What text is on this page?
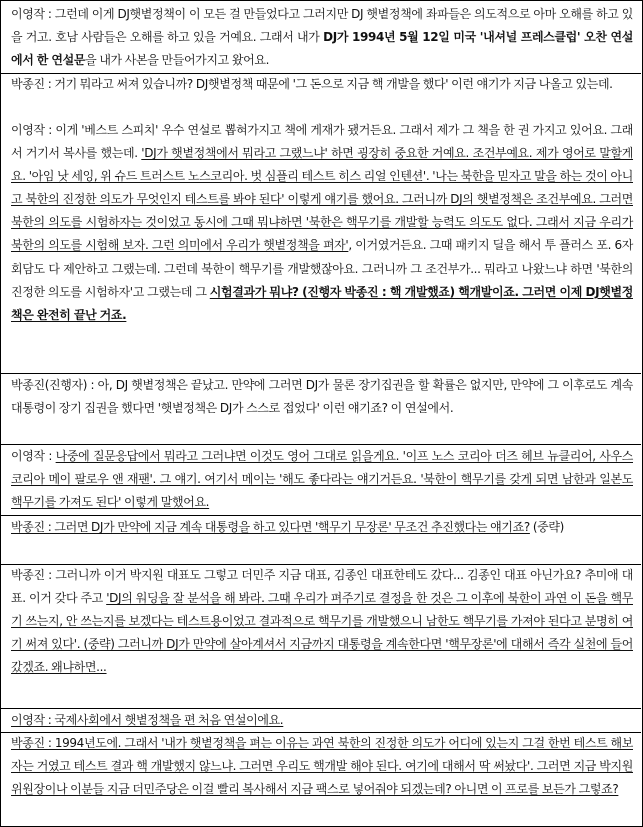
이영작 : 그런데 이게 DJ햇볕정책이 이 모든 걸 만들었다고 그러지만 DJ 햇볕정책에 좌파들은 의도적으로 아마 오해를 하고 있을 거고. 호남 사람들은 오해를 하고 있을 거예요. 그래서 내가 DJ가 1994년 5월 12일 미국 '내셔널 프레스클럽' 오찬 연설에서 한 연설문을 내가 사본을 만들어가지고 왔어요.
박종진 : 거기 뭐라고 써져 있습니까? DJ햇볕정책 때문에 '그 돈으로 지금 핵 개발을 했다' 이런 얘기가 지금 나올고 있는데.
이영작 : 이게 '베스트 스피치' 우수 연설로 뽑혀가지고 책에 게재가 됐거든요. 그래서 제가 그 책을 한 권 가지고 있어요. 그래서 거기서 복사를 했는데. 'DJ가 햇볕정책에서 뭐라고 그랬느냐' 하면 굉장히 중요한 거예요. 조건부예요. 제가 영어로 말할게요. '아임 낫 세잉, 위 슈드 트러스트 노스코리아. 벗 심플리 테스트 히스 리얼 인텐션'. '나는 북한을 믿자고 말을 하는 것이 아니고 북한의 진정한 의도가 무엇인지 테스트를 봐야 된다' 이렇게 얘기를 했어요. 그러니까 DJ의 햇볕정책은 조건부예요. 그러면 북한의 의도를 시험하자는 것이었고 동시에 그때 뭐냐하면 '북한은 핵무기를 개발할 능력도 의도도 없다. 그래서 지금 우리가 북한의 의도를 시험해 보자. 그런 의미에서 우리가 햇볕정책을 펴자', 이거였거든요. 그때 패키지 딜을 해서 투 플러스 포. 6자회담도 다 제안하고 그랬는데. 그런데 북한이 핵무기를 개발했잖아요. 그러니까 그 조건부가... 뭐라고 나왔느냐 하면 '북한의 진정한 의도를 시험하자'고 그랬는데 그 시험결과가 뭐냐? (진행자 박종진 : 핵 개발했죠) 핵개발이죠. 그러면 이제 DJ햇볕정책은 완전히 끝난 거죠.
박종진(진행자) : 아, DJ 햇볕정책은 끝났고. 만약에 그러면 DJ가 물론 장기집권을 할 확률은 없지만, 만약에 그 이후로도 계속 대통령이 장기 집권을 했다면 '햇볕정책은 DJ가 스스로 접었다' 이런 얘기죠? 이 연설에서.
이영작 : 나중에 질문응답에서 뭐라고 그러냐면 이것도 영어 그대로 읽을게요. '이프 노스 코리아 더즈 헤브 뉴클리어, 사우스 코리아 메이 팔로우 앤 재팬'. 그 얘기. 여기서 메이는 '해도 좋다라는 얘기거든요. '북한이 핵무기를 갖게 되면 남한과 일본도 핵무기를 가져도 된다' 이렇게 말했어요.
박종진 : 그러면 DJ가 만약에 지금 계속 대통령을 하고 있다면 '핵무기 무장론' 무조건 추진했다는 얘기죠? (중략)
박종진 : 그러니까 이거 박지원 대표도 그렇고 더민주 지금 대표, 김종인 대표한테도 갔다... 김종인 대표 아닌가요? 추미애 대표. 이거 갖다 주고 'DJ의 워딩을 잘 분석을 해 봐라. 그때 우리가 펴주기로 결정을 한 것은 그 이후에 북한이 과연 이 돈을 핵무기 쓰는지, 안 쓰는지를 보겠다는 테스트용이었고 결과적으로 핵무기를 개발했으니 남한도 핵무기를 가져야 된다고 분명히 여기 써져 있다'. (중략) 그러니까 DJ가 만약에 살아계셔서 지금까지 대통령을 계속한다면 '핵무장론'에 대해서 즉각 실천에 들어갔겠죠. 왜냐하면...
이영작 : 국제사회에서 햇볕정책을 편 처음 연설이에요.
박종진 : 1994년도에. 그래서 '내가 햇볕정책을 펴는 이유는 과연 북한의 진정한 의도가 어디에 있는지 그걸 한번 테스트 해보자는 거였고 테스트 결과 핵 개발했지 않느냐. 그러면 우리도 핵개발 해야 된다. 여기에 대해서 딱 써놨다'. 그러면 지금 박지원 위원장이나 이분들 지금 더민주당은 이걸 빨리 복사해서 지금 팩스로 넣어줘야 되겠는데? 아니면 이 프로를 보든가 그렇죠?
